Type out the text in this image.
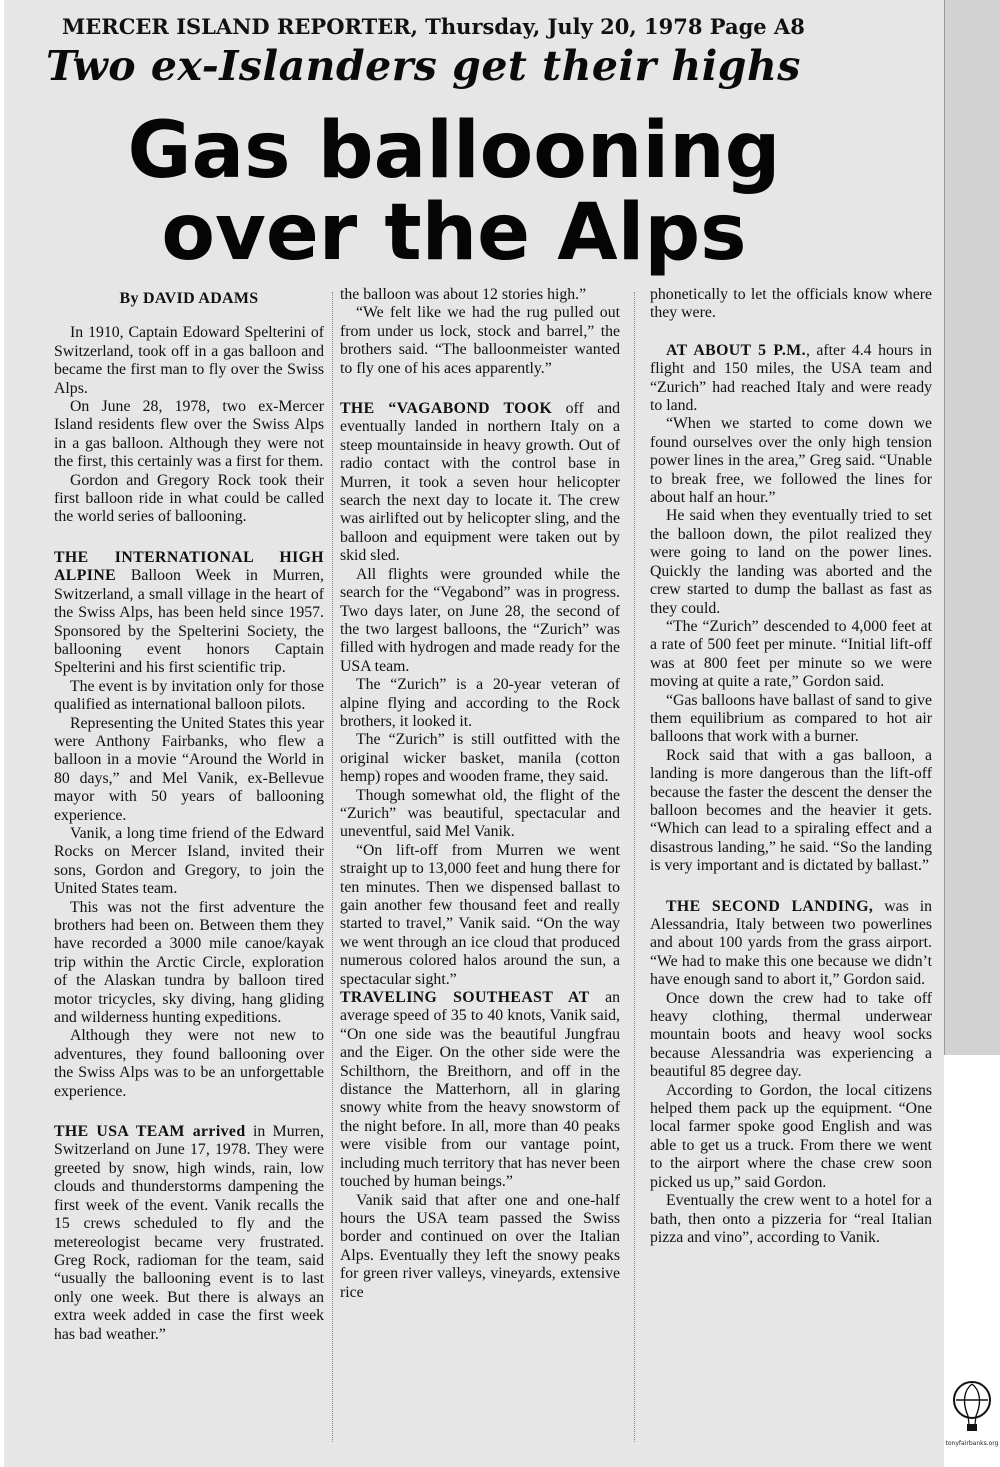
MERCER ISLAND REPORTER, Thursday, July 20, 1978 Page A8
Two ex-Islanders get their highs
Gas ballooning
over the Alps
By DAVID ADAMS

In 1910, Captain Edoward Spelterini of Switzerland, took off in a gas balloon and became the first man to fly over the Swiss Alps.

On June 28, 1978, two ex-Mercer Island residents flew over the Swiss Alps in a gas balloon. Although they were not the first, this certainly was a first for them.

Gordon and Gregory Rock took their first balloon ride in what could be called the world series of ballooning.

THE INTERNATIONAL HIGH ALPINE Balloon Week in Murren, Switzerland, a small village in the heart of the Swiss Alps, has been held since 1957. Sponsored by the Spelterini Society, the ballooning event honors Captain Spelterini and his first scientific trip.

The event is by invitation only for those qualified as international balloon pilots.

Representing the United States this year were Anthony Fairbanks, who flew a balloon in a movie “Around the World in 80 days,” and Mel Vanik, ex-Bellevue mayor with 50 years of ballooning experience.

Vanik, a long time friend of the Edward Rocks on Mercer Island, invited their sons, Gordon and Gregory, to join the United States team.

This was not the first adventure the brothers had been on. Between them they have recorded a 3000 mile canoe/kayak trip within the Arctic Circle, exploration of the Alaskan tundra by balloon tired motor tricycles, sky diving, hang gliding and wilderness hunting expeditions.

Although they were not new to adventures, they found ballooning over the Swiss Alps was to be an unforgettable experience.

THE USA TEAM arrived in Murren, Switzerland on June 17, 1978. They were greeted by snow, high winds, rain, low clouds and thunderstorms dampening the first week of the event. Vanik recalls the 15 crews scheduled to fly and the metereologist became very frustrated. Greg Rock, radioman for the team, said “usually the ballooning event is to last only one week. But there is always an extra week added in case the first week has bad weather.”

the balloon was about 12 stories high.”

“We felt like we had the rug pulled out from under us lock, stock and barrel,” the brothers said. “The balloonmeister wanted to fly one of his aces apparently.”

THE “VAGABOND TOOK off and eventually landed in northern Italy on a steep mountainside in heavy growth. Out of radio contact with the control base in Murren, it took a seven hour helicopter search the next day to locate it. The crew was airlifted out by helicopter sling, and the balloon and equipment were taken out by skid sled.

All flights were grounded while the search for the “Vegabond” was in progress. Two days later, on June 28, the second of the two largest balloons, the “Zurich” was filled with hydrogen and made ready for the USA team.

The “Zurich” is a 20-year veteran of alpine flying and according to the Rock brothers, it looked it.

The “Zurich” is still outfitted with the original wicker basket, manila (cotton hemp) ropes and wooden frame, they said.

Though somewhat old, the flight of the “Zurich” was beautiful, spectacular and uneventful, said Mel Vanik.

“On lift-off from Murren we went straight up to 13,000 feet and hung there for ten minutes. Then we dispensed ballast to gain another few thousand feet and really started to travel,” Vanik said. “On the way we went through an ice cloud that produced numerous colored halos around the sun, a spectacular sight.”

TRAVELING SOUTHEAST AT an average speed of 35 to 40 knots, Vanik said, “On one side was the beautiful Jungfrau and the Eiger. On the other side were the Schilthorn, the Breithorn, and off in the distance the Matterhorn, all in glaring snowy white from the heavy snowstorm of the night before. In all, more than 40 peaks were visible from our vantage point, including much territory that has never been touched by human beings.”

Vanik said that after one and one-half hours the USA team passed the Swiss border and continued on over the Italian Alps. Eventually they left the snowy peaks for green river valleys, vineyards, extensive rice

phonetically to let the officials know where they were.

AT ABOUT 5 P.M., after 4.4 hours in flight and 150 miles, the USA team and “Zurich” had reached Italy and were ready to land.

“When we started to come down we found ourselves over the only high tension power lines in the area,” Greg said. “Unable to break free, we followed the lines for about half an hour.”

He said when they eventually tried to set the balloon down, the pilot realized they were going to land on the power lines. Quickly the landing was aborted and the crew started to dump the ballast as fast as they could.

“The “Zurich” descended to 4,000 feet at a rate of 500 feet per minute. “Initial lift-off was at 800 feet per minute so we were moving at quite a rate,” Gordon said.

“Gas balloons have ballast of sand to give them equilibrium as compared to hot air balloons that work with a burner.

Rock said that with a gas balloon, a landing is more dangerous than the lift-off because the faster the descent the denser the balloon becomes and the heavier it gets. “Which can lead to a spiraling effect and a disastrous landing,” he said. “So the landing is very important and is dictated by ballast.”

THE SECOND LANDING, was in Alessandria, Italy between two powerlines and about 100 yards from the grass airport. “We had to make this one because we didn’t have enough sand to abort it,” Gordon said.

Once down the crew had to take off heavy clothing, thermal underwear mountain boots and heavy wool socks because Alessandria was experiencing a beautiful 85 degree day.

According to Gordon, the local citizens helped them pack up the equipment. “One local farmer spoke good English and was able to get us a truck. From there we went to the airport where the chase crew soon picked us up,” said Gordon.

Eventually the crew went to a hotel for a bath, then onto a pizzeria for “real Italian pizza and vino”, according to Vanik.

tonyfairbanks.org
